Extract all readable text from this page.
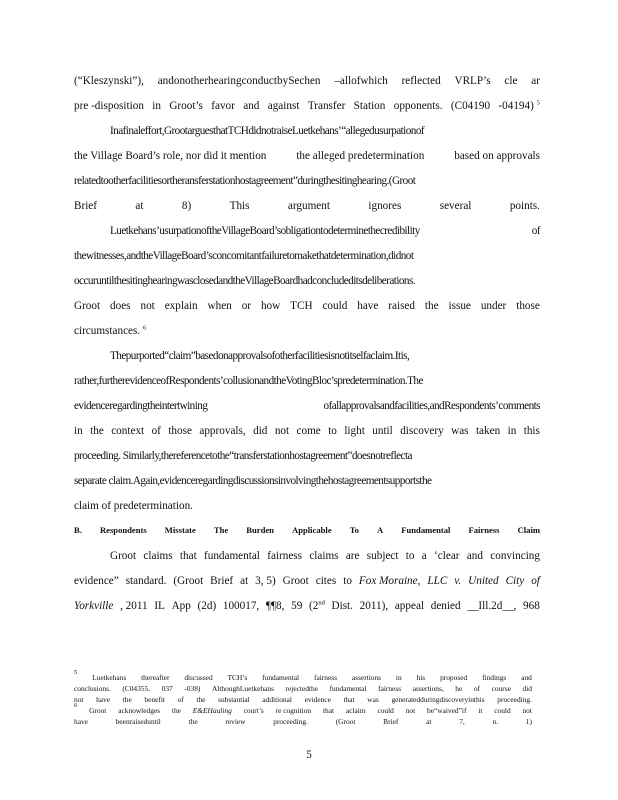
(“Kleszynski”), andonotherhearingconductbySechen –allofwhich reflected VRLP’s cle ar
pre -disposition in Groot’s favor and against Transfer Station opponents. (C04190 -04194) $^5$
Inafinaleffort,GrootarguesthatTCHdidnotraiseLuetkehans’“allegedusurpationof
the Village Board’s role, nor did it mention	the alleged predetermination	based on approvals
relatedtootherfacilitiesortheransferstationhostagreement”duringthesitinghearing.(Groot
Brief	at	8)	This	argument	ignores	several	points.
Luetkehans’usurpationoftheVillageBoard’sobligationtodeterminethecredibility	of
thewitnesses,andtheVillageBoard’sconcomitantfailuretomakethatdetermination,didnot
occuruntilthesitinghearingwasclosedandtheVillageBoardhadconcludeditsdeliberations.
Groot does not explain when or how TCH could have raised the issue under those
circumstances. $^6$
Thepurported“claim”basedonapprovalsofotherfacilitiesisnotitselfaclaim.Itis,
rather,furtherevidenceofRespondents’collusionandtheVotingBloc’spredetermination.The
evidenceregardingtheintertwining	ofallapprovalsandfacilities,andRespondents’comments
in the context of those approvals, did not come to light until discovery was taken in this
proceeding. Similarly,thereferencetothe“transferstationhostagreement”doesnotreflecta
separate claim.Again,evidenceregardingdiscussionsinvolvingthehostagreementsupportsthe
claim of predetermination.
Groot claims that fundamental fairness claims are subject to a ‘clear and convincing
evidence” standard. (Groot Brief at 3, 5) Groot cites to Fox Moraine, LLC v. United City of
Yorkville , 2011 IL App (2d) 100017, ¶¶8, 59 (2nd Dist. 2011), appeal denied __Ill.2d__, 968
B. Respondents Misstate The Burden Applicable To A Fundamental Fairness Claim
5
Luetkehans thereafter discussed TCH’s fundamental fairness assertions in his proposed findings and
conclusions. (C04355. 037 -038) AlthoughLuetkehans rejectedthe fundamental fairness assertions, he of course did
not have the benefit of the substantial additional evidence that was generatedduringdiscoveryinthis proceeding.
6
Groot acknowledges the E&EHauling court’s re cognition that aclaim could not be“waived”if it could not
have	beenraiseduntil	the	review	proceeding.	(Groot	Brief	at	7,	n.	1)
5
